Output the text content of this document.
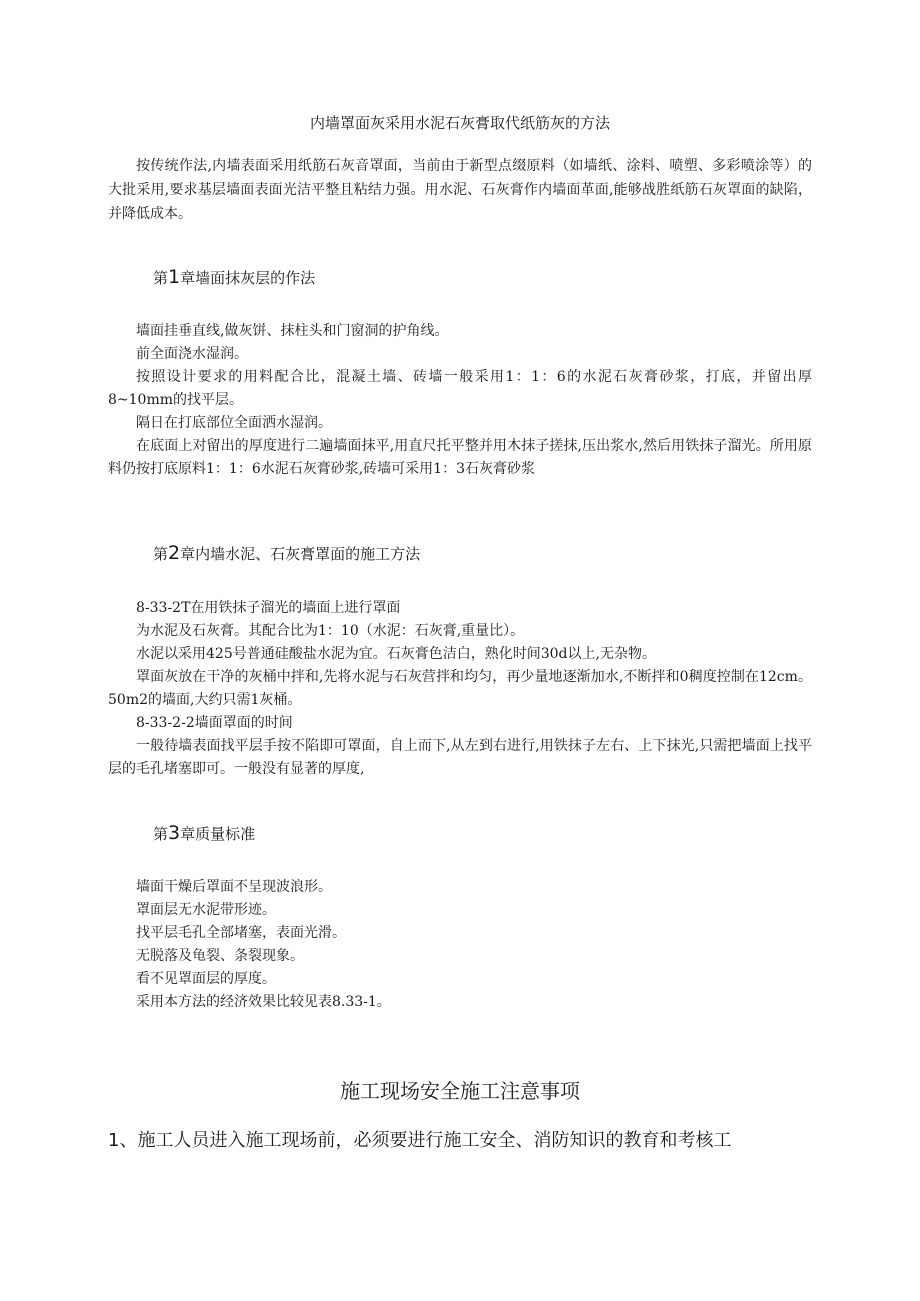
内墙罩面灰采用水泥石灰膏取代纸筋灰的方法

按传统作法,内墙表面采用纸筋石灰音罩面，当前由于新型点缀原料（如墙纸、涂料、喷塑、多彩喷涂等）的大批采用,要求基层墙面表面光洁平整且粘结力强。用水泥、石灰膏作内墙面革面,能够战胜纸筋石灰罩面的缺陷，并降低成本。

第1章墙面抹灰层的作法

墙面挂垂直线,做灰饼、抹柱头和门窗洞的护角线。

前全面浇水湿润。

按照设计要求的用料配合比，混凝土墙、砖墙一般采用1：1：6的水泥石灰膏砂浆，打底，并留出厚8~10mm的找平层。

隔日在打底部位全面洒水湿润。

在底面上对留出的厚度进行二遍墙面抹平,用直尺托平整并用木抹子搓抹,压出浆水,然后用铁抹子溜光。所用原料仍按打底原料1：1：6水泥石灰膏砂浆,砖墙可采用1：3石灰膏砂浆

第2章内墙水泥、石灰膏罩面的施工方法

8-33-2T在用铁抹子溜光的墙面上进行罩面

为水泥及石灰膏。其配合比为1：10（水泥：石灰膏,重量比）。

水泥以采用425号普通硅酸盐水泥为宜。石灰膏色洁白，熟化时间30d以上,无杂物。

罩面灰放在干净的灰桶中拌和,先将水泥与石灰营拌和均匀，再少量地逐渐加水,不断拌和0稠度控制在12cm。50m2的墙面,大约只需1灰桶。

8-33-2-2墙面罩面的时间

一般待墙表面找平层手按不陷即可罩面，自上而下,从左到右进行,用铁抹子左右、上下抹光,只需把墙面上找平层的毛孔堵塞即可。一般没有显著的厚度,

第3章质量标准

墙面干燥后罩面不呈现波浪形。

罩面层无水泥带形迹。

找平层毛孔全部堵塞，表面光滑。

无脱落及龟裂、条裂现象。

看不见罩面层的厚度。

采用本方法的经济效果比较见表8.33-1。

施工现场安全施工注意事项
1、施工人员进入施工现场前，必须要进行施工安全、消防知识的教育和考核工
